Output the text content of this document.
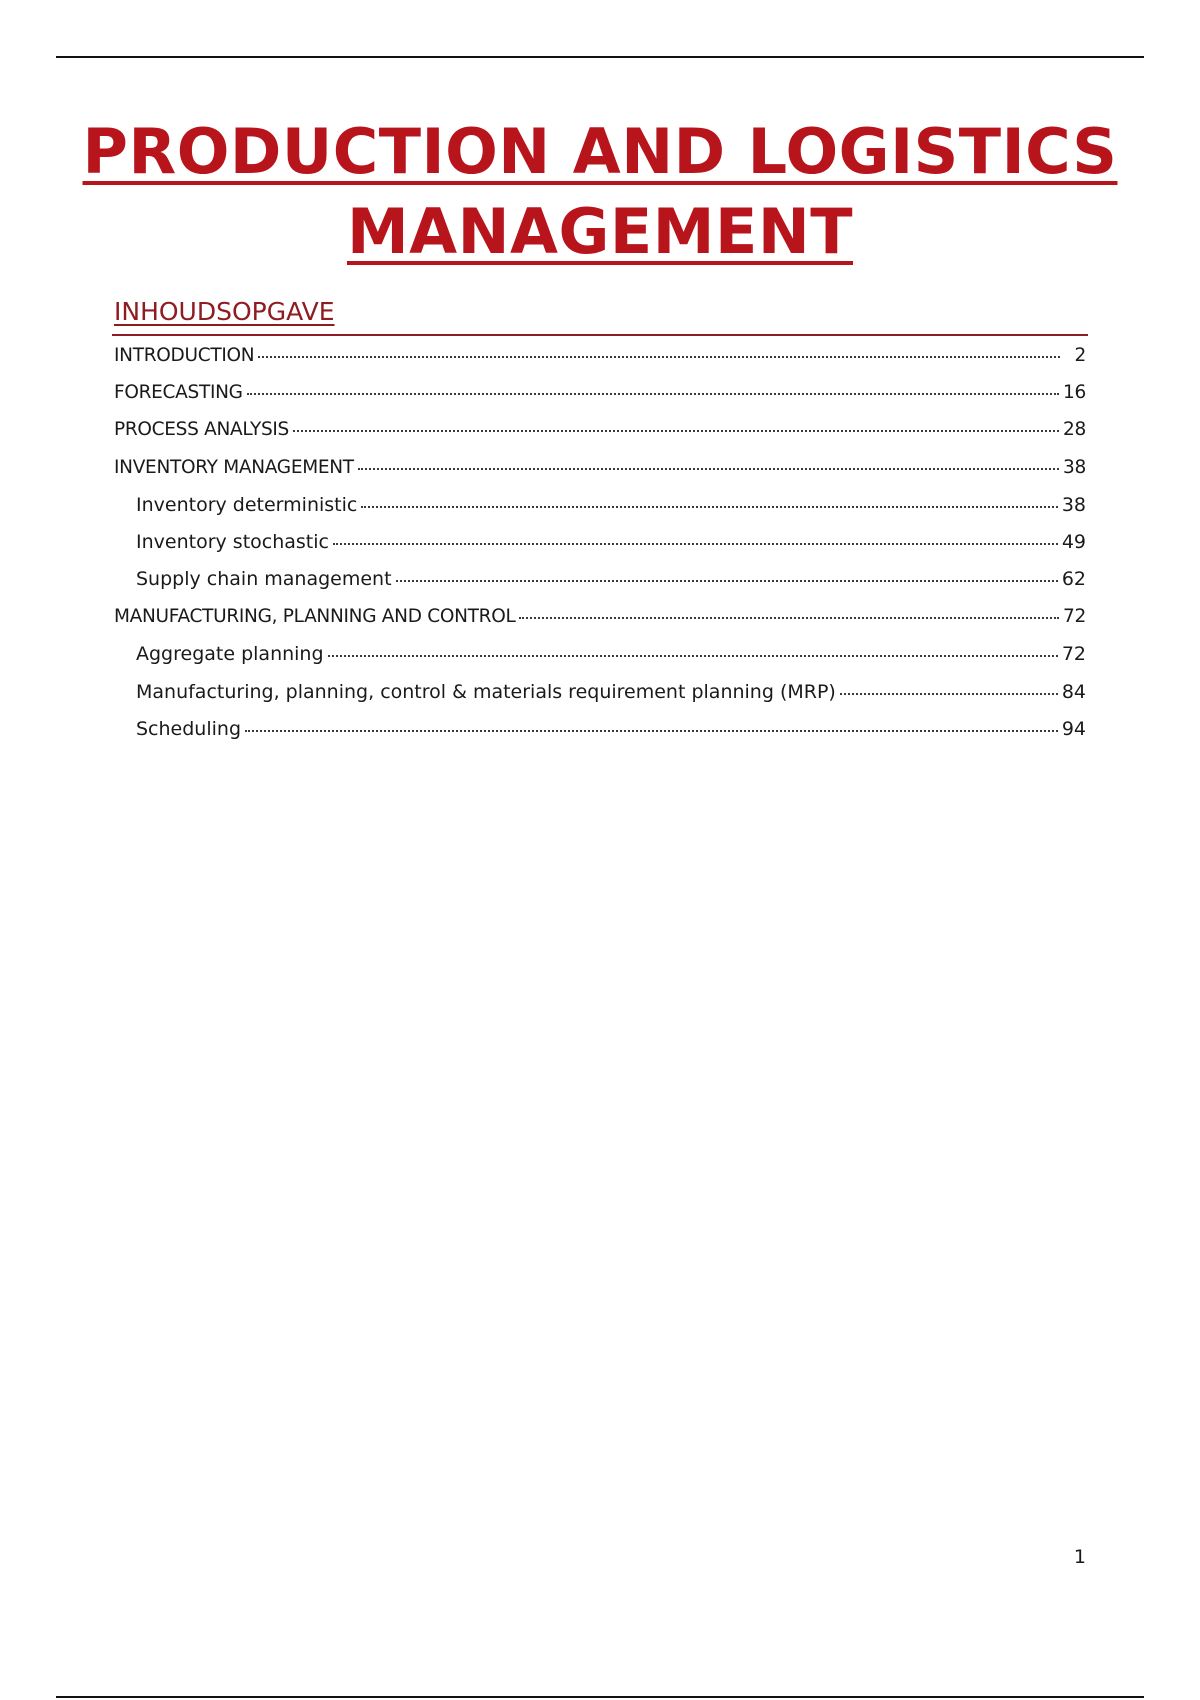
PRODUCTION AND LOGISTICS
MANAGEMENT
INHOUDSOPGAVE
INTRODUCTION	2
FORECASTING	16
PROCESS ANALYSIS	28
INVENTORY MANAGEMENT	38
Inventory deterministic	38
Inventory stochastic	49
Supply chain management	62
MANUFACTURING, PLANNING AND CONTROL	72
Aggregate planning	72
Manufacturing, planning, control & materials requirement planning (MRP)	84
Scheduling	94
1
